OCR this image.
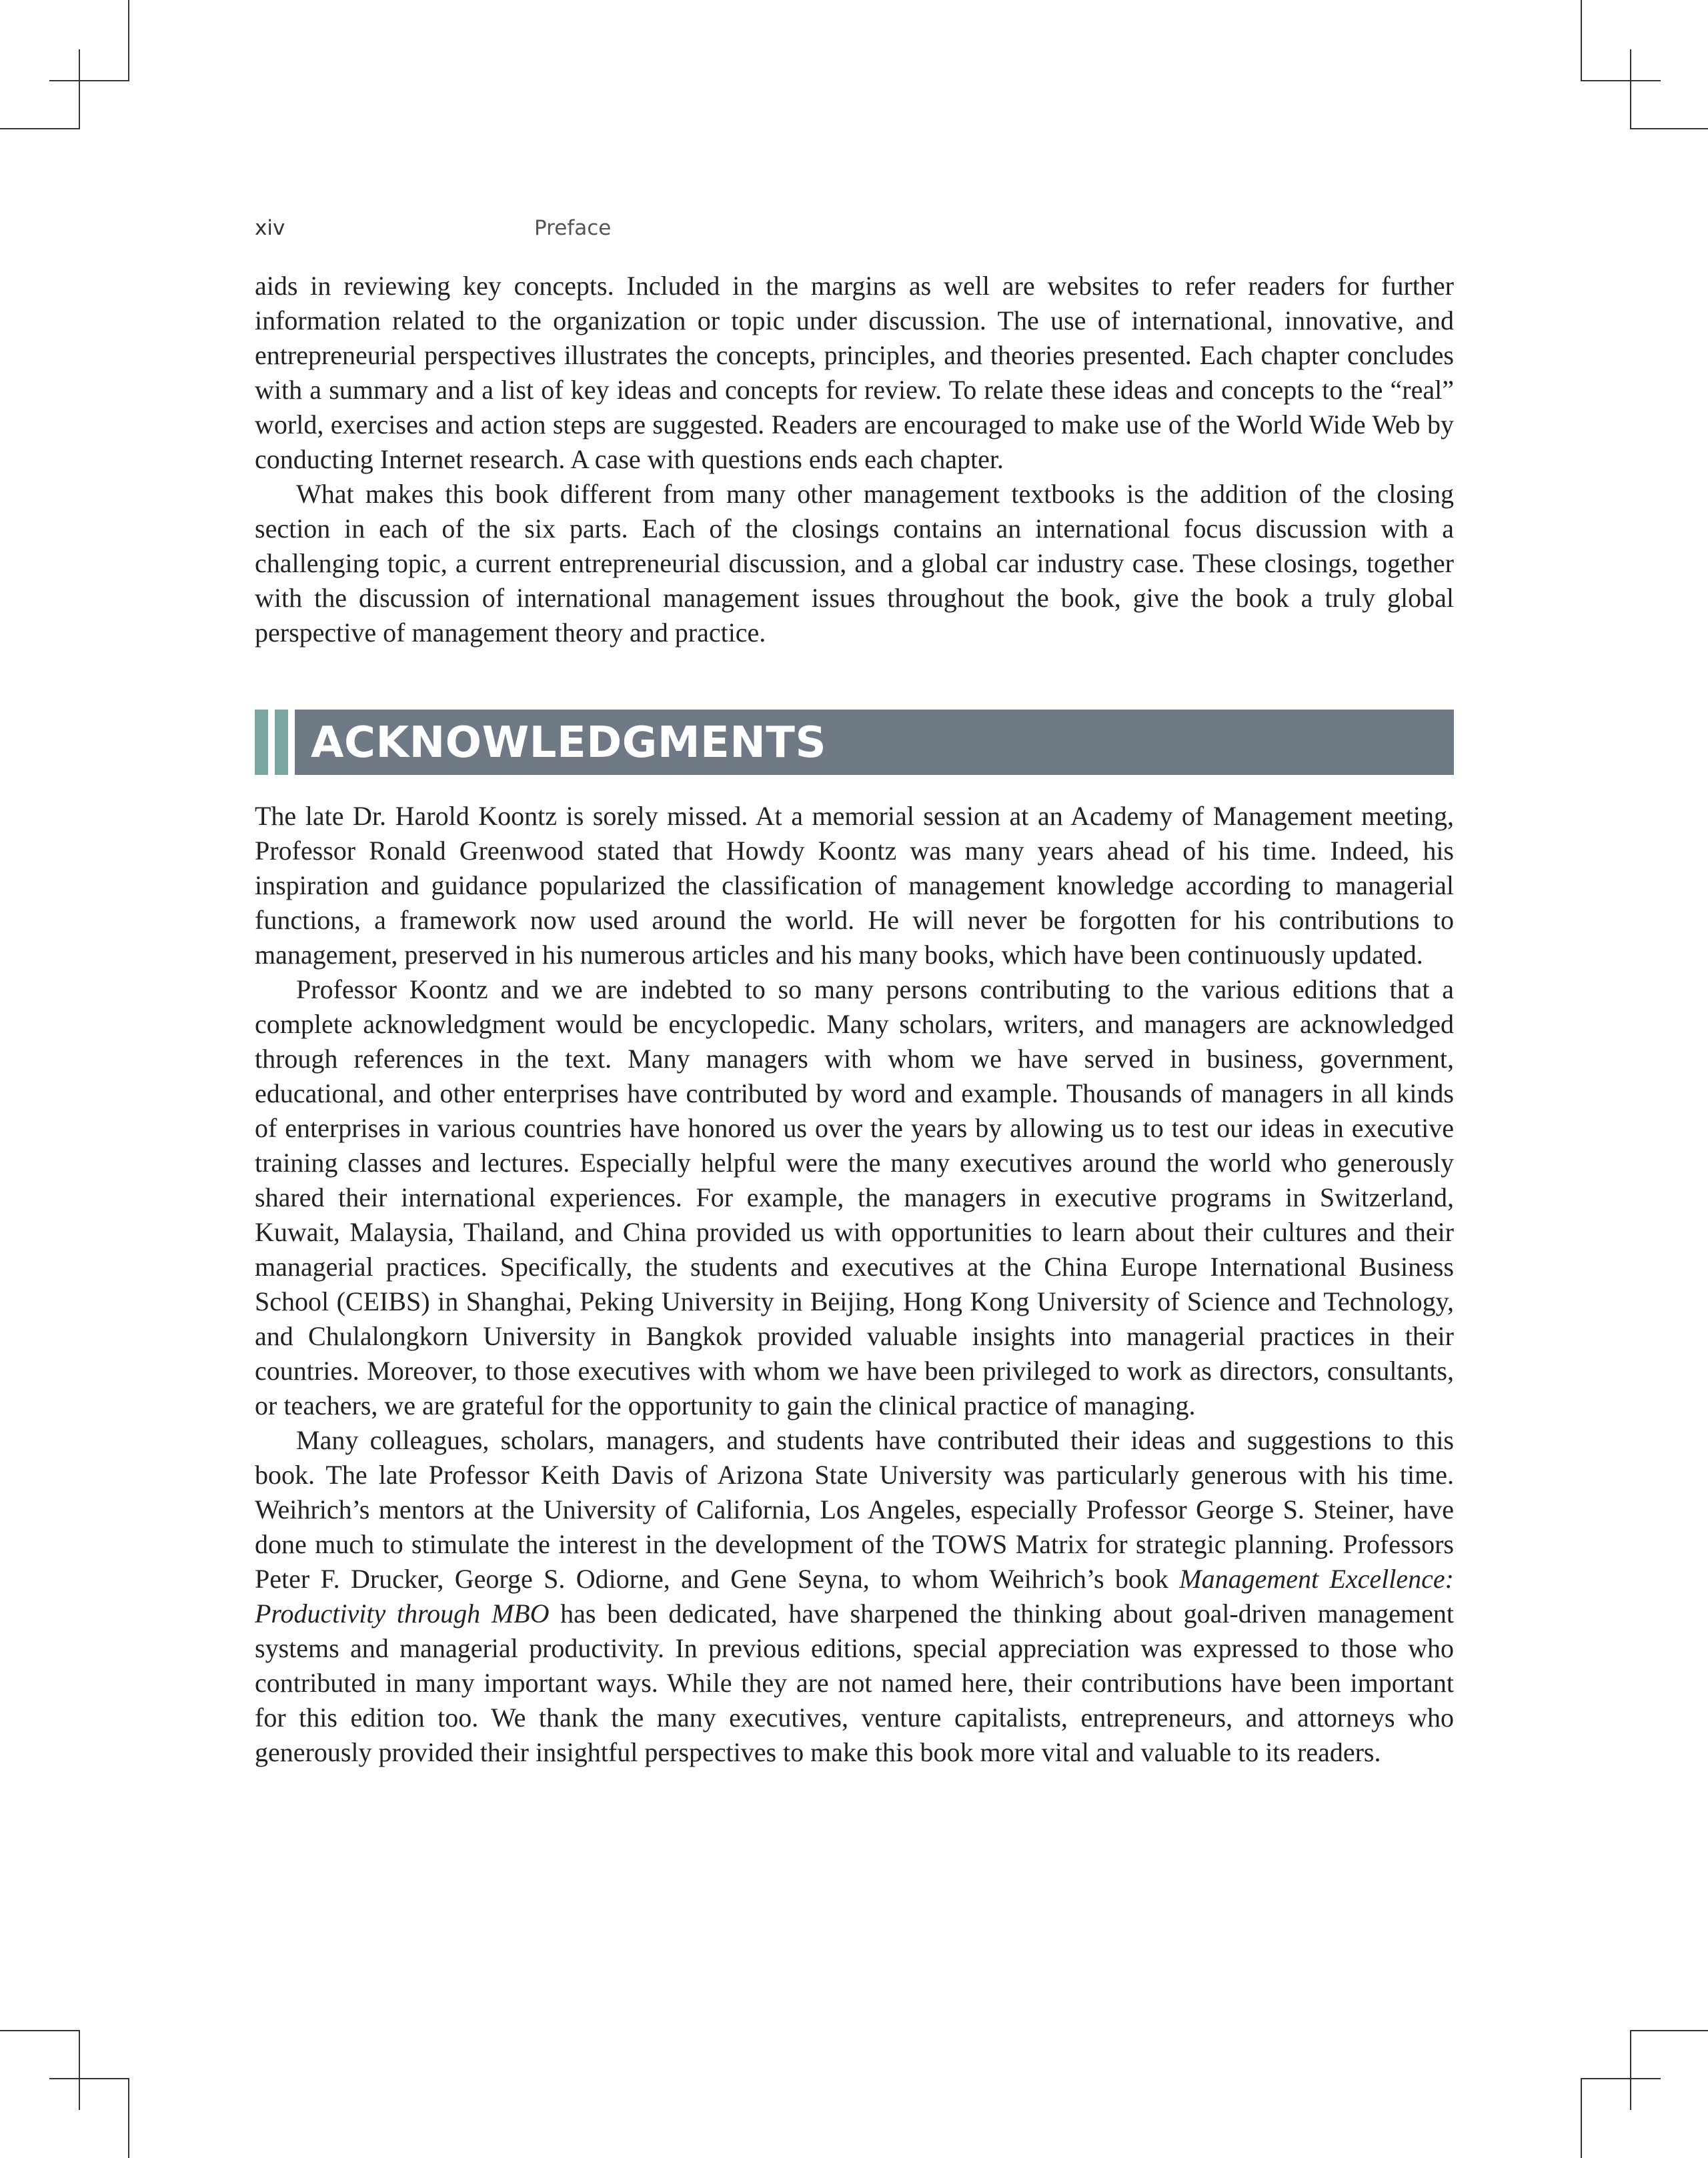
xiv	Preface

aids in reviewing key concepts. Included in the margins as well are websites to refer readers for further information related to the organization or topic under discussion. The use of international, innovative, and entrepreneurial perspectives illustrates the concepts, principles, and theories presented. Each chapter concludes with a summary and a list of key ideas and concepts for review. To relate these ideas and concepts to the “real” world, exercises and action steps are suggested. Readers are encouraged to make use of the World Wide Web by conducting Internet research. A case with questions ends each chapter.

What makes this book different from many other management textbooks is the addition of the closing section in each of the six parts. Each of the closings contains an international focus discussion with a challenging topic, a current entrepreneurial discussion, and a global car industry case. These closings, together with the discussion of international management issues throughout the book, give the book a truly global perspective of management theory and practice.

ACKNOWLEDGMENTS

The late Dr. Harold Koontz is sorely missed. At a memorial session at an Academy of Management meeting, Professor Ronald Greenwood stated that Howdy Koontz was many years ahead of his time. Indeed, his inspiration and guidance popularized the classification of management knowledge according to managerial functions, a framework now used around the world. He will never be forgotten for his contributions to management, preserved in his numerous articles and his many books, which have been continuously updated.

Professor Koontz and we are indebted to so many persons contributing to the various editions that a complete acknowledgment would be encyclopedic. Many scholars, writers, and managers are acknowledged through references in the text. Many managers with whom we have served in business, government, educational, and other enterprises have contributed by word and example. Thousands of managers in all kinds of enterprises in various countries have honored us over the years by allowing us to test our ideas in executive training classes and lectures. Especially helpful were the many executives around the world who generously shared their international experiences. For example, the managers in executive programs in Switzerland, Kuwait, Malaysia, Thailand, and China provided us with opportunities to learn about their cultures and their managerial practices. Specifically, the students and executives at the China Europe International Business School (CEIBS) in Shanghai, Peking University in Beijing, Hong Kong University of Science and Technology, and Chulalongkorn University in Bangkok provided valuable insights into managerial practices in their countries. Moreover, to those executives with whom we have been privileged to work as directors, consultants, or teachers, we are grateful for the opportunity to gain the clinical practice of managing.

Many colleagues, scholars, managers, and students have contributed their ideas and suggestions to this book. The late Professor Keith Davis of Arizona State University was particularly generous with his time. Weihrich’s mentors at the University of California, Los Angeles, especially Professor George S. Steiner, have done much to stimulate the interest in the development of the TOWS Matrix for strategic planning. Professors Peter F. Drucker, George S. Odiorne, and Gene Seyna, to whom Weihrich’s book Management Excellence: Productivity through MBO has been dedicated, have sharpened the thinking about goal-driven management systems and managerial productivity. In previous editions, special appreciation was expressed to those who contributed in many important ways. While they are not named here, their contributions have been important for this edition too. We thank the many executives, venture capitalists, entrepreneurs, and attorneys who generously provided their insightful perspectives to make this book more vital and valuable to its readers.
